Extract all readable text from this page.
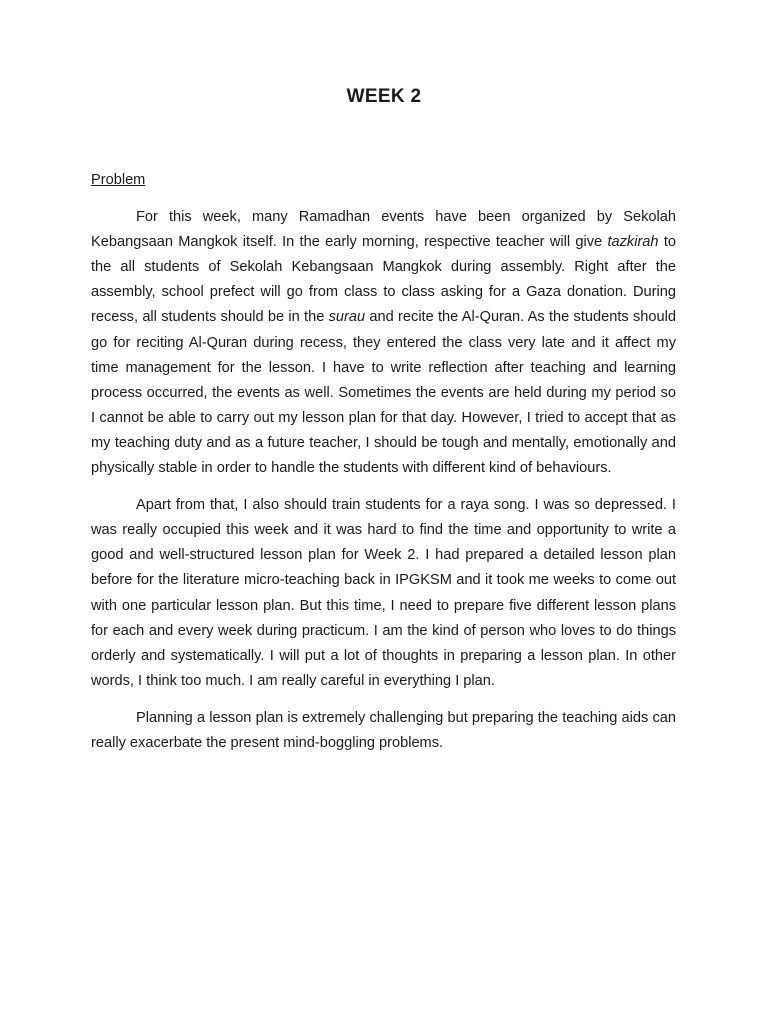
WEEK 2

Problem

For this week, many Ramadhan events have been organized by Sekolah Kebangsaan Mangkok itself. In the early morning, respective teacher will give tazkirah to the all students of Sekolah Kebangsaan Mangkok during assembly. Right after the assembly, school prefect will go from class to class asking for a Gaza donation. During recess, all students should be in the surau and recite the Al-Quran. As the students should go for reciting Al-Quran during recess, they entered the class very late and it affect my time management for the lesson. I have to write reflection after teaching and learning process occurred, the events as well. Sometimes the events are held during my period so I cannot be able to carry out my lesson plan for that day. However, I tried to accept that as my teaching duty and as a future teacher, I should be tough and mentally, emotionally and physically stable in order to handle the students with different kind of behaviours.

Apart from that, I also should train students for a raya song. I was so depressed. I was really occupied this week and it was hard to find the time and opportunity to write a good and well-structured lesson plan for Week 2. I had prepared a detailed lesson plan before for the literature micro-teaching back in IPGKSM and it took me weeks to come out with one particular lesson plan. But this time, I need to prepare five different lesson plans for each and every week during practicum. I am the kind of person who loves to do things orderly and systematically. I will put a lot of thoughts in preparing a lesson plan. In other words, I think too much. I am really careful in everything I plan.

Planning a lesson plan is extremely challenging but preparing the teaching aids can really exacerbate the present mind-boggling problems.
